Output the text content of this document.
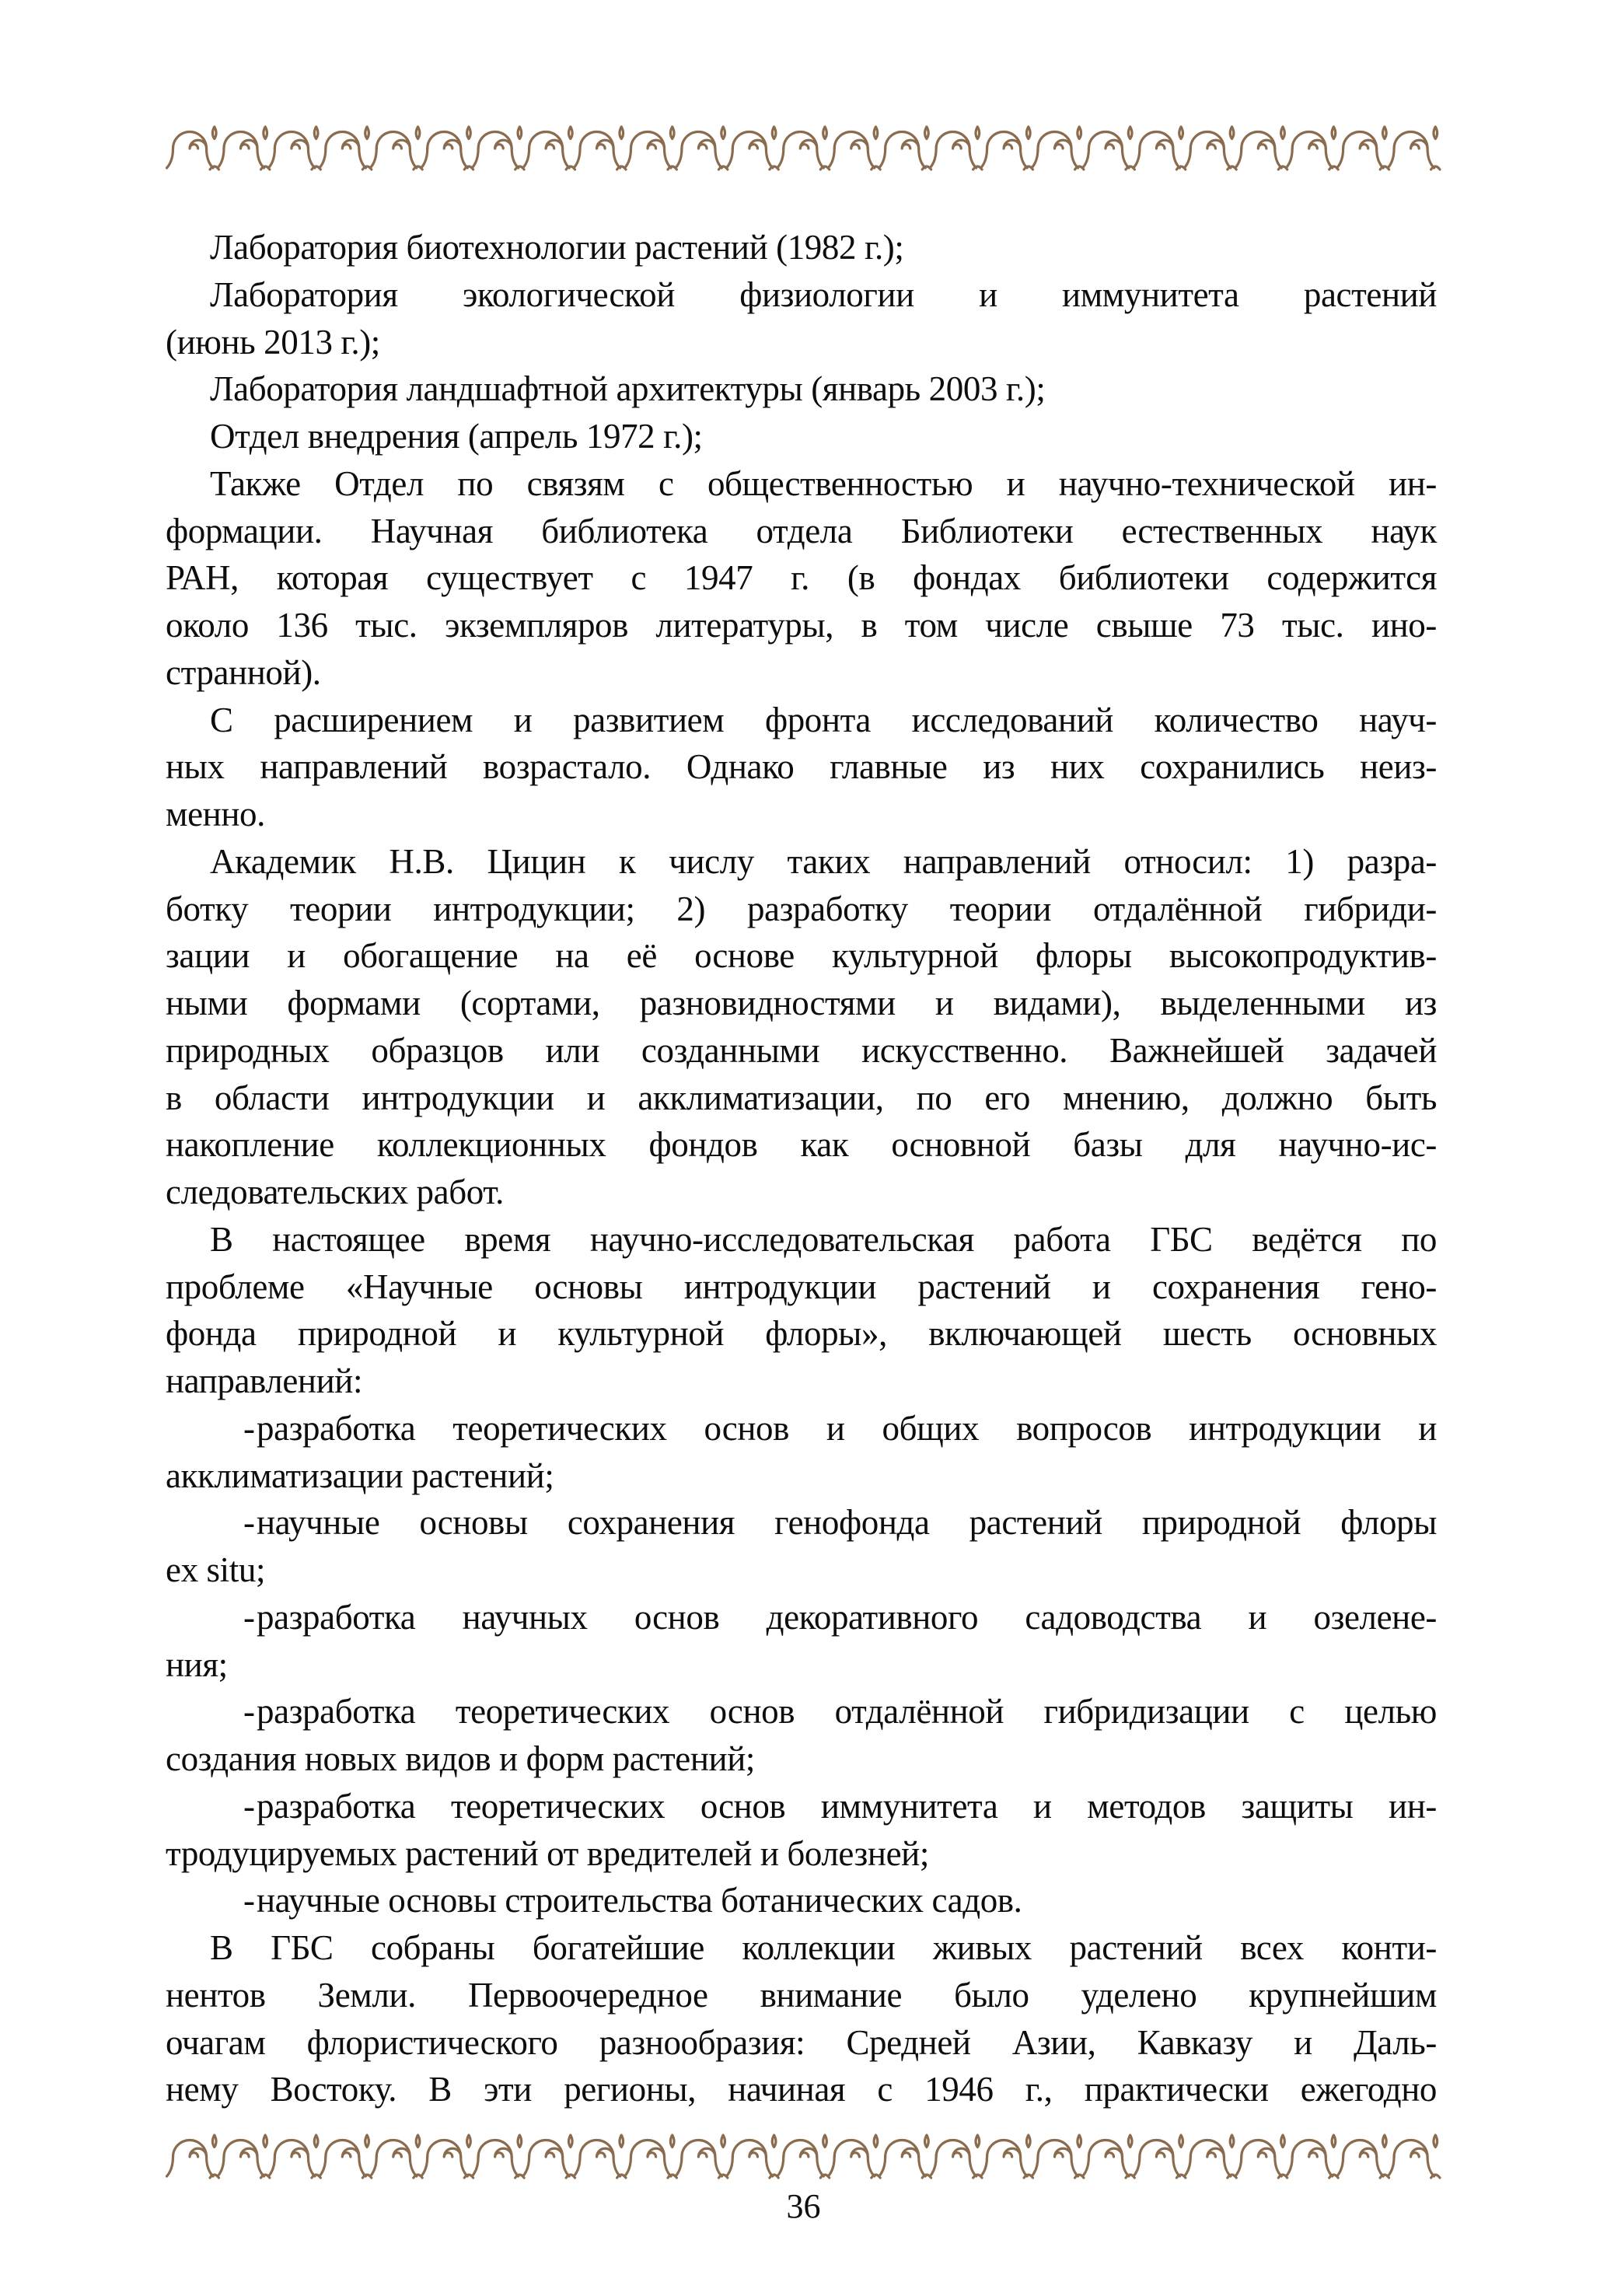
Лаборатория биотехнологии растений (1982 г.);
Лаборатория экологической физиологии и иммунитета растений
(июнь 2013 г.);
Лаборатория ландшафтной архитектуры (январь 2003 г.);
Отдел внедрения (апрель 1972 г.);
Также Отдел по связям с общественностью и научно-технической ин-
формации. Научная библиотека отдела Библиотеки естественных наук
РАН, которая существует с 1947 г. (в фондах библиотеки содержится
около 136 тыс. экземпляров литературы, в том числе свыше 73 тыс. ино-
странной).
С расширением и развитием фронта исследований количество науч-
ных направлений возрастало. Однако главные из них сохранились неиз-
менно.
Академик Н.В. Цицин к числу таких направлений относил: 1) разра-
ботку теории интродукции; 2) разработку теории отдалённой гибриди-
зации и обогащение на её основе культурной флоры высокопродуктив-
ными формами (сортами, разновидностями и видами), выделенными из
природных образцов или созданными искусственно. Важнейшей задачей
в области интродукции и акклиматизации, по его мнению, должно быть
накопление коллекционных фондов как основной базы для научно-ис-
следовательских работ.
В настоящее время научно-исследовательская работа ГБС ведётся по
проблеме «Научные основы интродукции растений и сохранения гено-
фонда природной и культурной флоры», включающей шесть основных
направлений:
-разработка теоретических основ и общих вопросов интродукции и
акклиматизации растений;
-научные основы сохранения генофонда растений природной флоры
ex situ;
-разработка научных основ декоративного садоводства и озелене-
ния;
-разработка теоретических основ отдалённой гибридизации с целью
создания новых видов и форм растений;
-разработка теоретических основ иммунитета и методов защиты ин-
тродуцируемых растений от вредителей и болезней;
-научные основы строительства ботанических садов.
В ГБС собраны богатейшие коллекции живых растений всех конти-
нентов Земли. Первоочередное внимание было уделено крупнейшим
очагам флористического разнообразия: Средней Азии, Кавказу и Даль-
нему Востоку. В эти регионы, начиная с 1946 г., практически ежегодно
36
